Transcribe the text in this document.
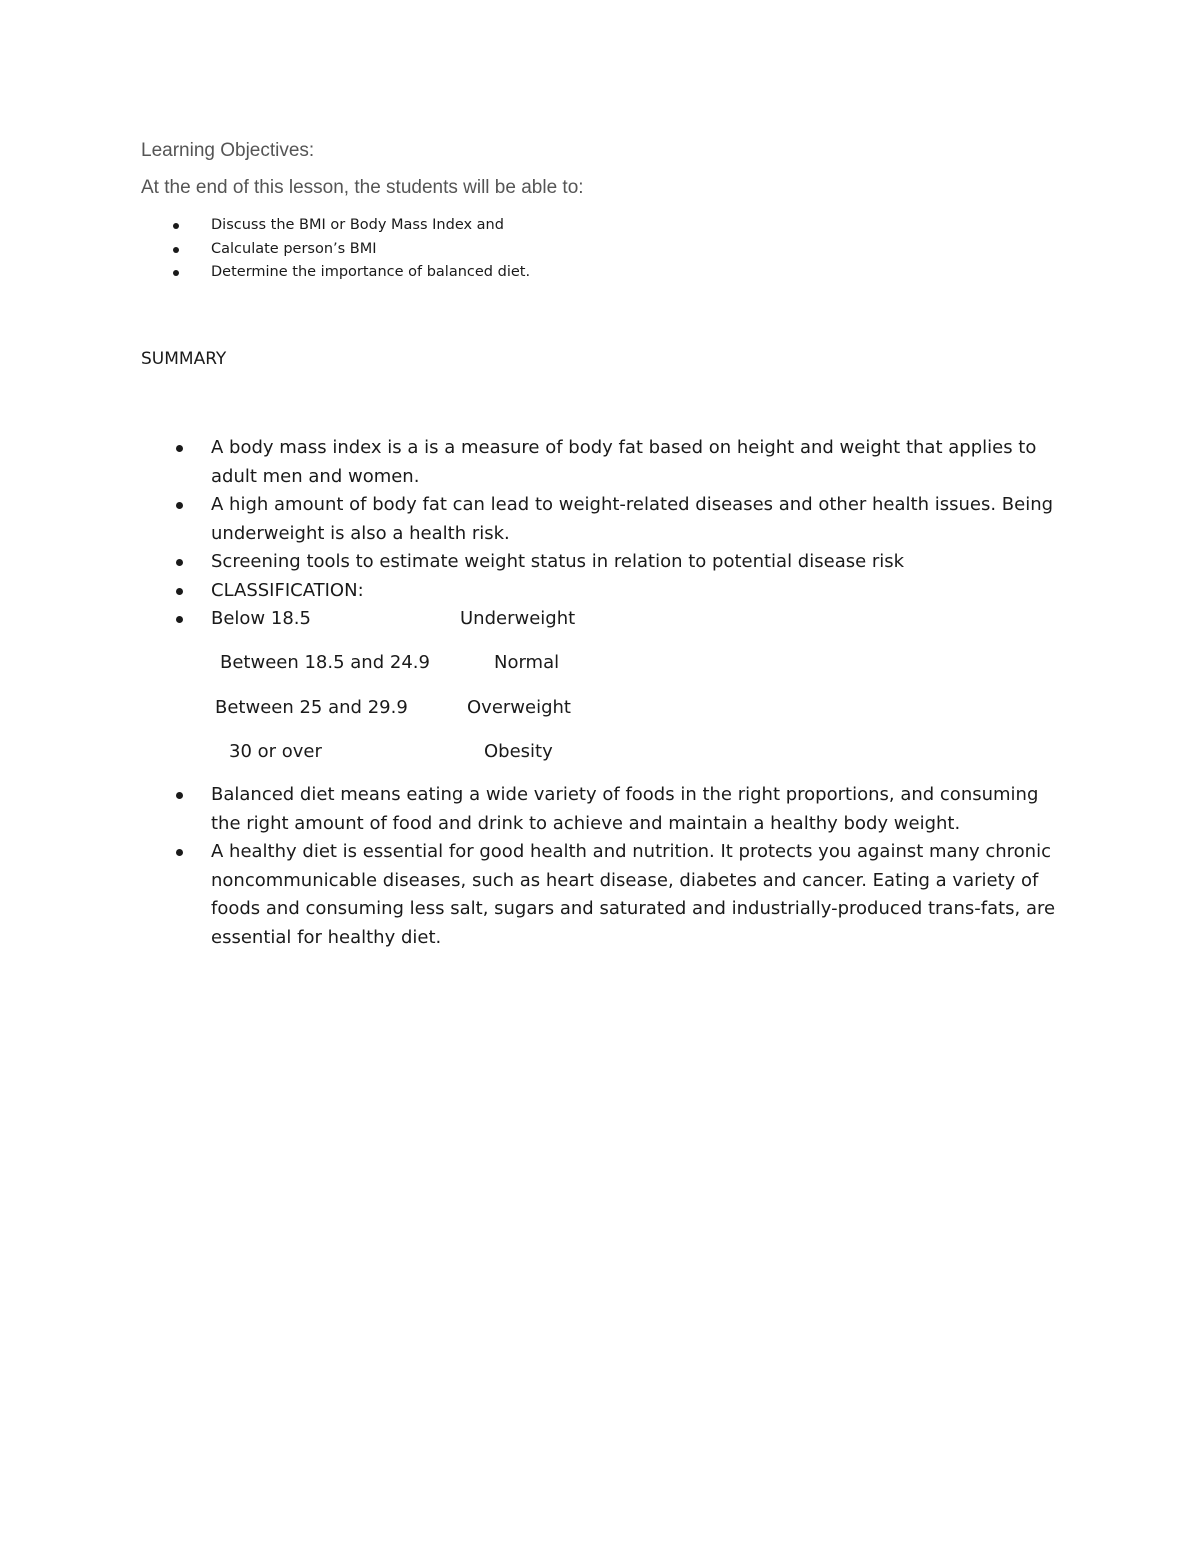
Learning Objectives:
At the end of this lesson, the students will be able to:
Discuss the BMI or Body Mass Index and
Calculate person’s BMI
Determine the importance of balanced diet.
SUMMARY
A body mass index is a is a measure of body fat based on height and weight that applies to adult men and women.
A high amount of body fat can lead to weight-related diseases and other health issues. Being underweight is also a health risk.
Screening tools to estimate weight status in relation to potential disease risk
CLASSIFICATION:
Below 18.5	Underweight
Between 18.5 and 24.9	Normal
Between 25 and 29.9	Overweight
30 or over	Obesity
Balanced diet means eating a wide variety of foods in the right proportions, and consuming the right amount of food and drink to achieve and maintain a healthy body weight.
A healthy diet is essential for good health and nutrition. It protects you against many chronic noncommunicable diseases, such as heart disease, diabetes and cancer. Eating a variety of foods and consuming less salt, sugars and saturated and industrially-produced trans-fats, are essential for healthy diet.
